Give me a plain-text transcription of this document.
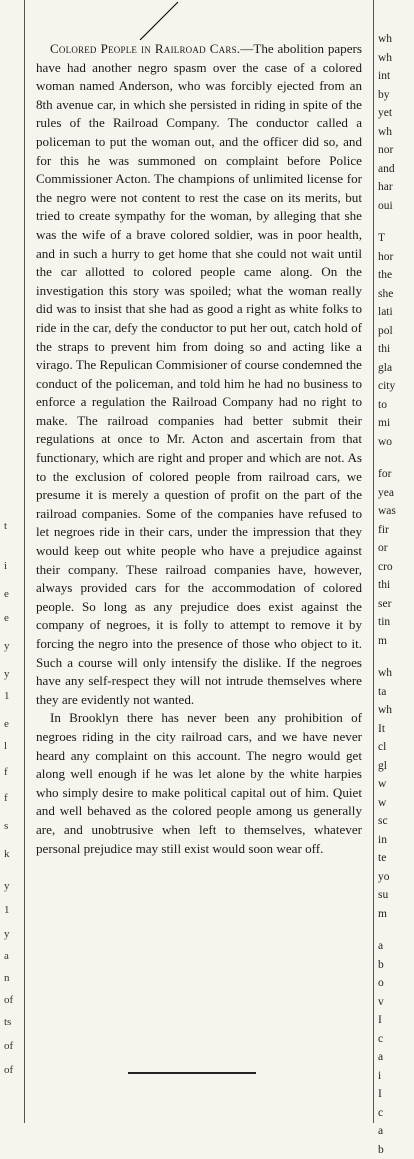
t
i
e
e
y
y
1
e
l
f
f
s
k
y
1
y
a
n
of
ts
of
of

Colored People in Railroad Cars.—The abolition papers have had another negro spasm over the case of a colored woman named Anderson, who was forcibly ejected from an 8th avenue car, in which she persisted in riding in spite of the rules of the Railroad Company. The conductor called a policeman to put the woman out, and the officer did so, and for this he was summoned on complaint before Police Commissioner Acton. The champions of unlimited license for the negro were not content to rest the case on its merits, but tried to create sympathy for the woman, by alleging that she was the wife of a brave colored soldier, was in poor health, and in such a hurry to get home that she could not wait until the car allotted to colored people came along. On the investigation this story was spoiled; what the woman really did was to insist that she had as good a right as white folks to ride in the car, defy the conductor to put her out, catch hold of the straps to prevent him from doing so and acting like a virago. The Repulican Commisioner of course condemned the conduct of the policeman, and told him he had no business to enforce a regulation the Railroad Company had no right to make. The railroad companies had better submit their regulations at once to Mr. Acton and ascertain from that functionary, which are right and proper and which are not. As to the exclusion of colored people from railroad cars, we presume it is merely a question of profit on the part of the railroad companies. Some of the companies have refused to let negroes ride in their cars, under the impression that they would keep out white people who have a prejudice against their company. These railroad companies have, however, always provided cars for the accommodation of colored people. So long as any prejudice does exist against the company of negroes, it is folly to attempt to remove it by forcing the negro into the presence of those who object to it. Such a course will only intensify the dislike. If the negroes have any self-respect they will not intrude themselves where they are evidently not wanted.

In Brooklyn there has never been any prohibition of negroes riding in the city railroad cars, and we have never heard any complaint on this account. The negro would get along well enough if he was let alone by the white harpies who simply desire to make political capital out of him. Quiet and well behaved as the colored people among us generally are, and unobtrusive when left to themselves, whatever personal prejudice may still exist would soon wear off.

wh
wh
int
by
yet
wh
nor
and
har
oui
T
hor
the
she
lati
pol
thi
gla
city
to
mi
wo
for
yea
was
fir
or
cro
thi
ser
tin
m
wh
ta
wh
It
cl
gl
w
w
sc
in
te
yo
su
m
a
b
o
v
I
c
a
i
I
c
a
b
